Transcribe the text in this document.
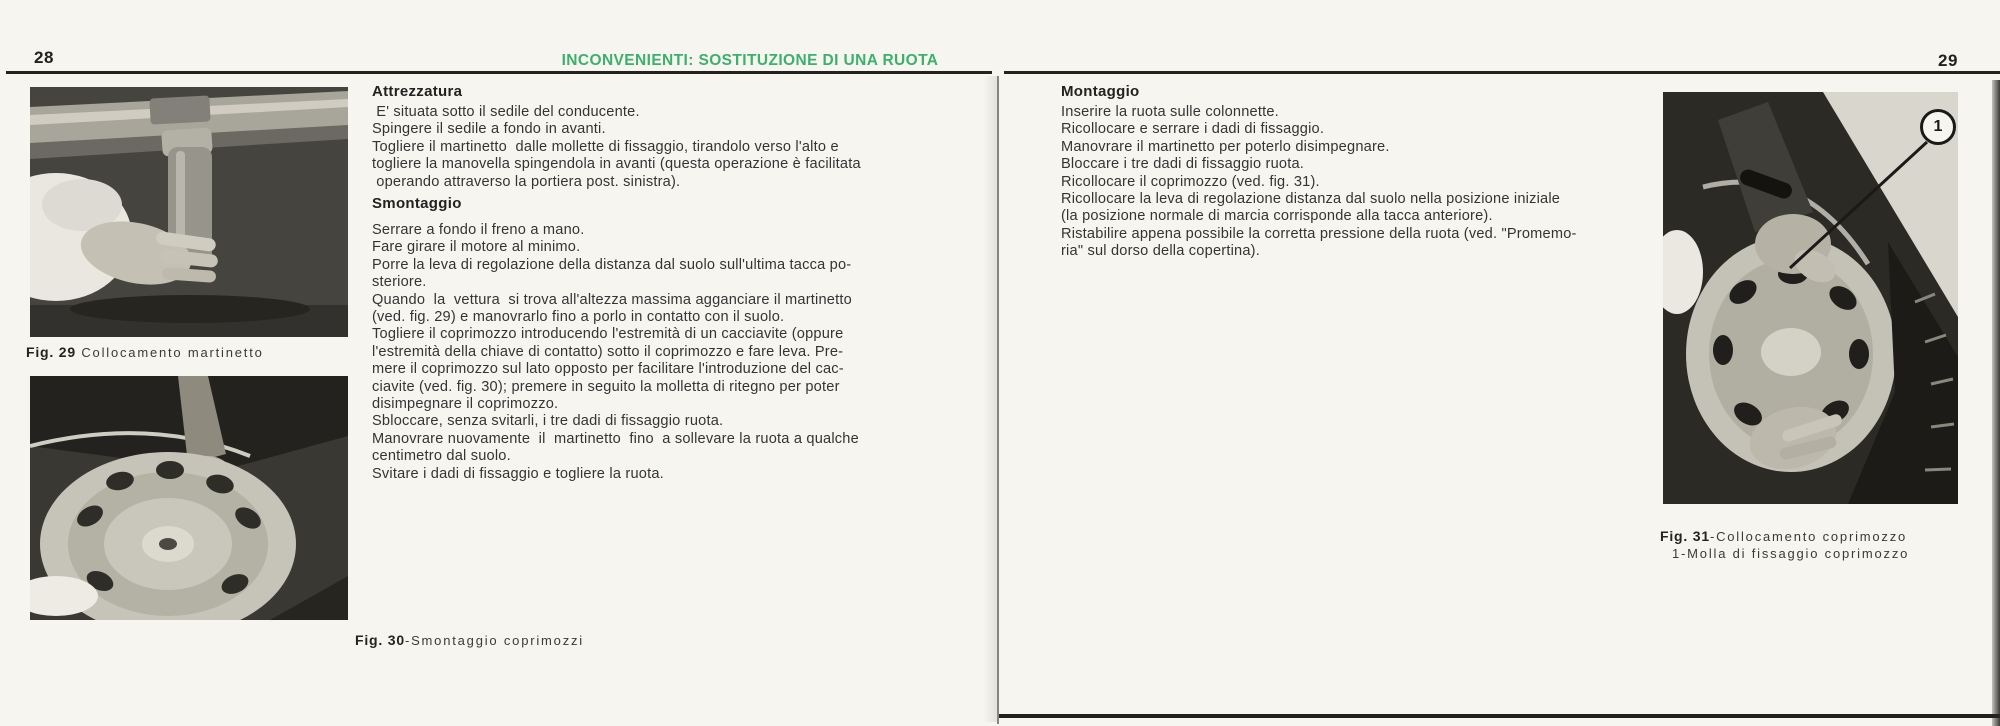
28	INCONVENIENTI: SOSTITUZIONE DI UNA RUOTA	29
Fig. 29 Collocamento martinetto
Fig. 30-Smontaggio coprimozzi
Attrezzatura
E' situata sotto il sedile del conducente.
Spingere il sedile a fondo in avanti.
Togliere il martinetto  dalle mollette di fissaggio, tirandolo verso l'alto e
togliere la manovella spingendola in avanti (questa operazione è facilitata
operando attraverso la portiera post. sinistra).
Smontaggio
Serrare a fondo il freno a mano.
Fare girare il motore al minimo.
Porre la leva di regolazione della distanza dal suolo sull'ultima tacca po-
steriore.
Quando  la  vettura  si trova all'altezza massima agganciare il martinetto
(ved. fig. 29) e manovrarlo fino a porlo in contatto con il suolo.
Togliere il coprimozzo introducendo l'estremità di un cacciavite (oppure
l'estremità della chiave di contatto) sotto il coprimozzo e fare leva. Pre-
mere il coprimozzo sul lato opposto per facilitare l'introduzione del cac-
ciavite (ved. fig. 30); premere in seguito la molletta di ritegno per poter
disimpegnare il coprimozzo.
Sbloccare, senza svitarli, i tre dadi di fissaggio ruota.
Manovrare nuovamente  il  martinetto  fino  a sollevare la ruota a qualche
centimetro dal suolo.
Svitare i dadi di fissaggio e togliere la ruota.
Montaggio
Inserire la ruota sulle colonnette.
Ricollocare e serrare i dadi di fissaggio.
Manovrare il martinetto per poterlo disimpegnare.
Bloccare i tre dadi di fissaggio ruota.
Ricollocare il coprimozzo (ved. fig. 31).
Ricollocare la leva di regolazione distanza dal suolo nella posizione iniziale
(la posizione normale di marcia corrisponde alla tacca anteriore).
Ristabilire appena possibile la corretta pressione della ruota (ved. "Promemo-
ria" sul dorso della copertina).
1
Fig. 31-Collocamento coprimozzo
1-Molla di fissaggio coprimozzo
